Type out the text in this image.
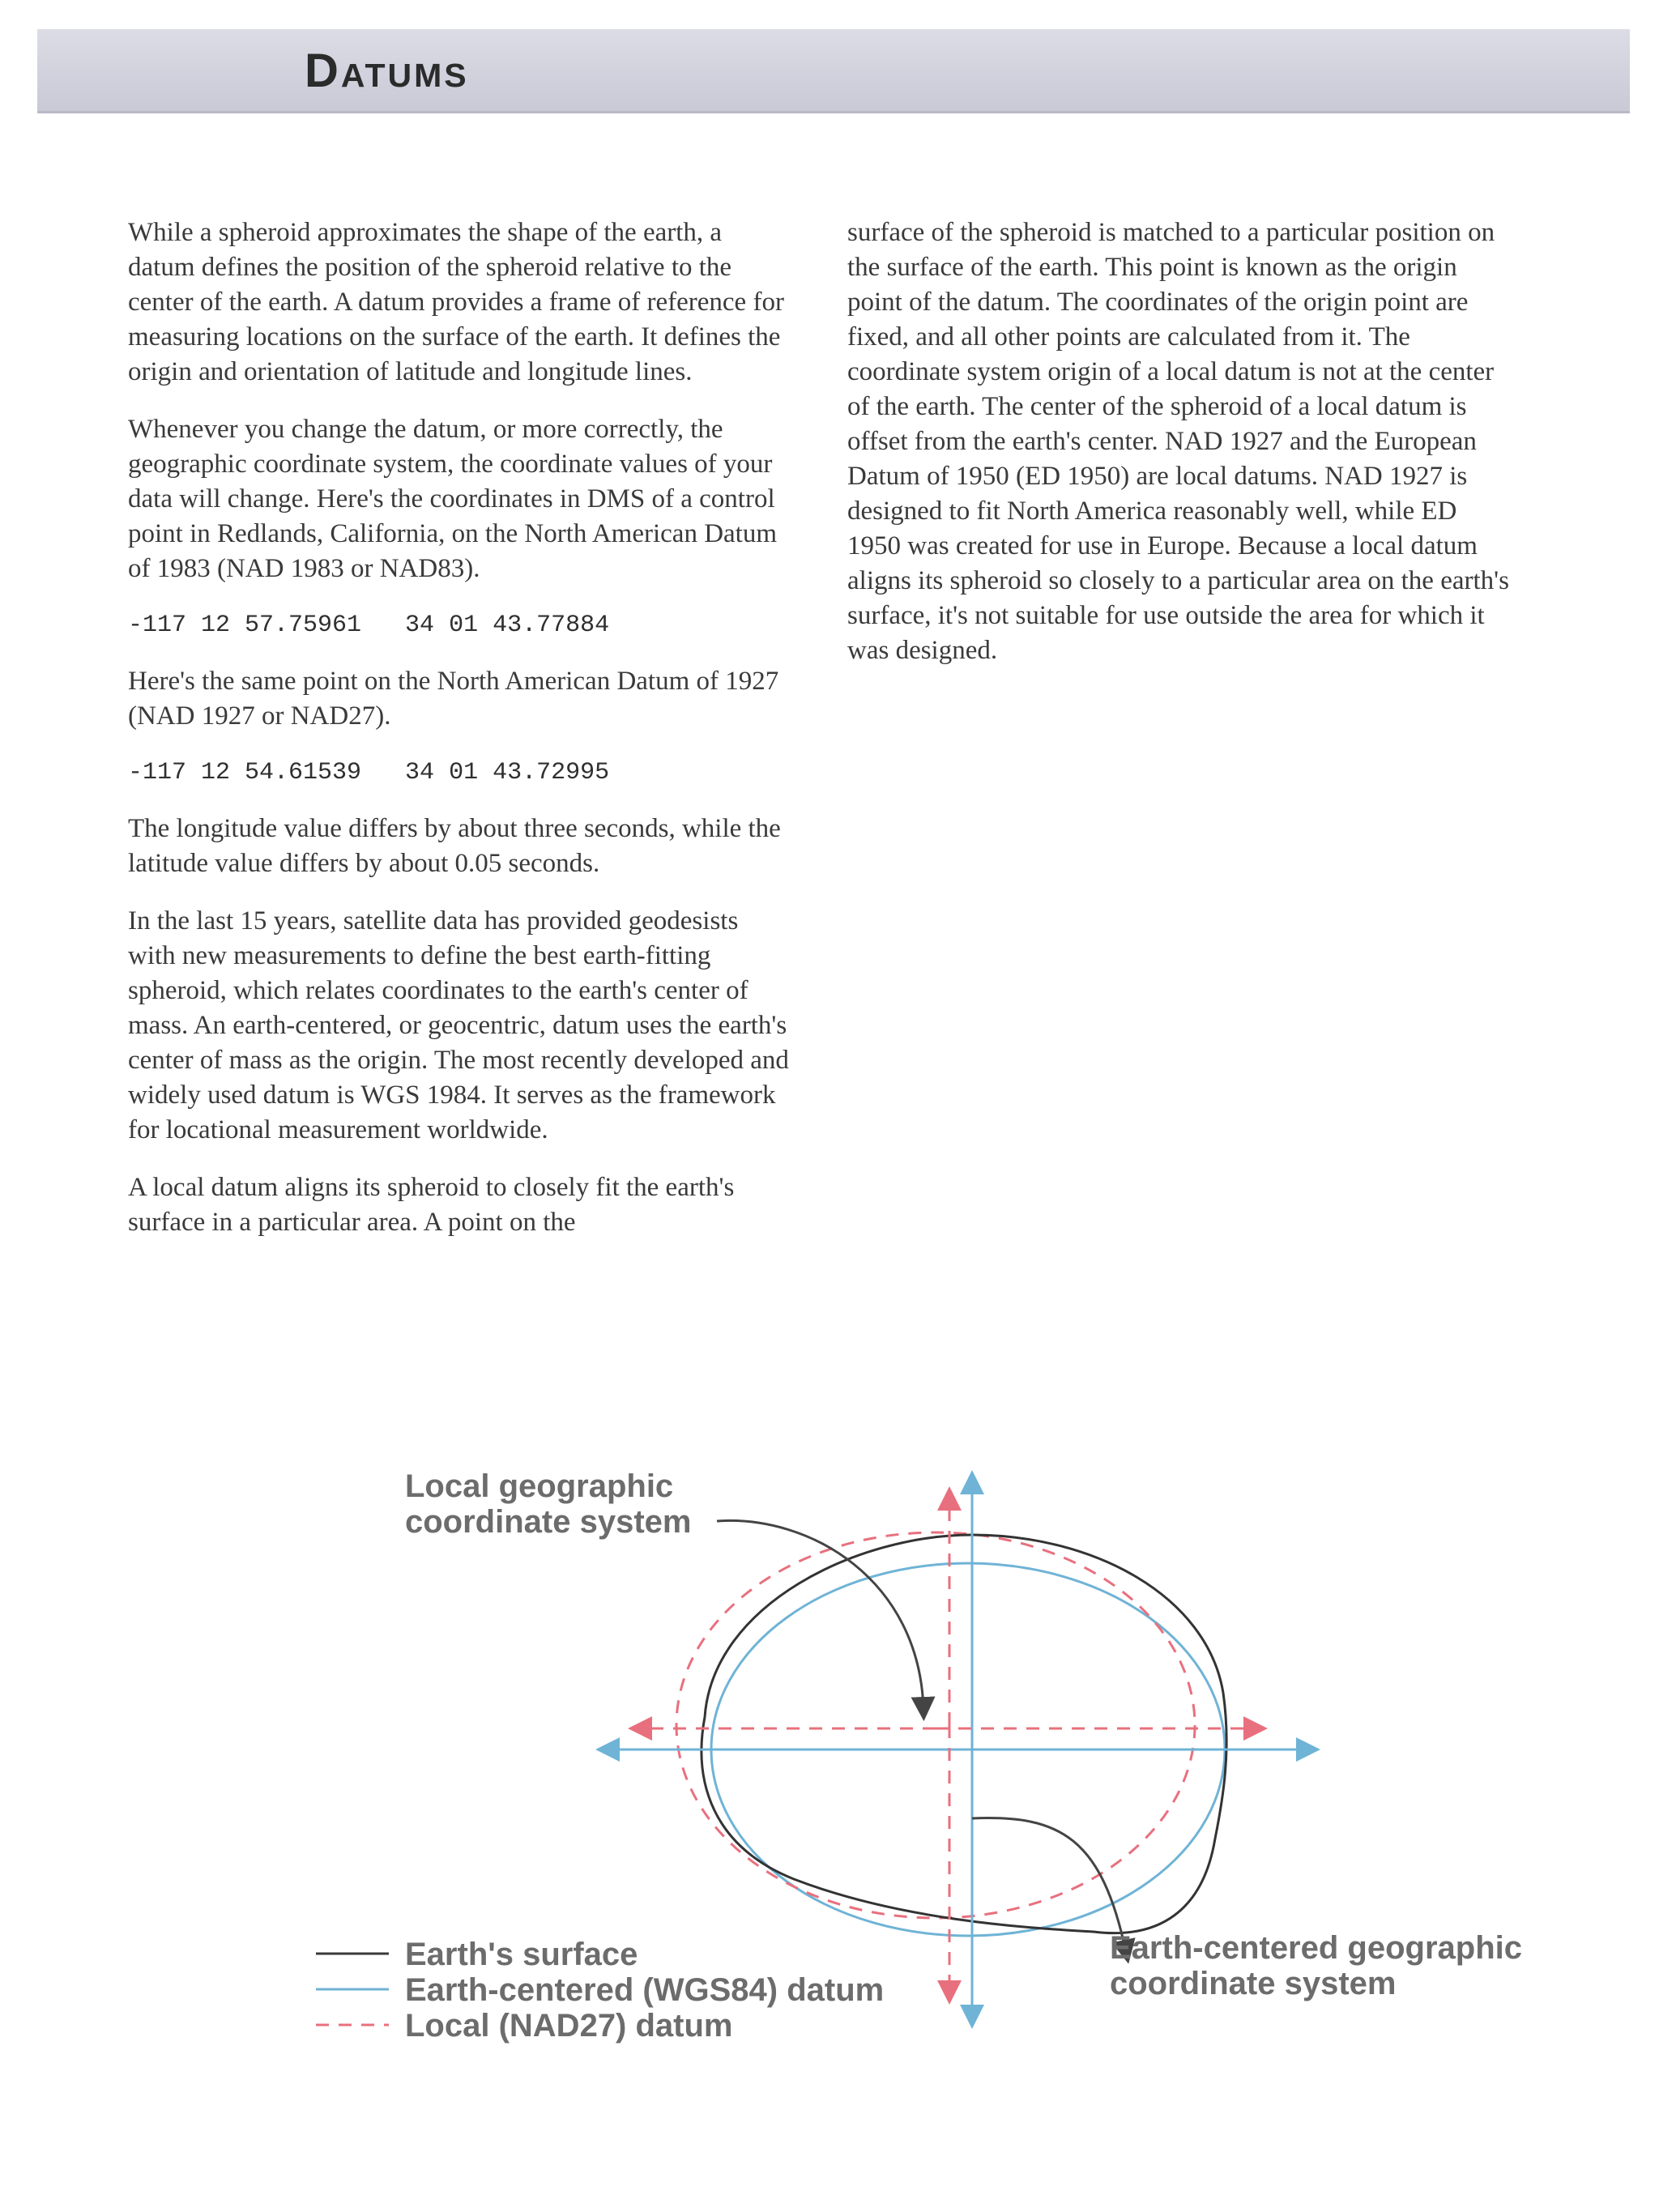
Datums

While a spheroid approximates the shape of the earth, a datum defines the position of the spheroid relative to the center of the earth. A datum provides a frame of reference for measuring locations on the surface of the earth. It defines the origin and orientation of latitude and longitude lines.

Whenever you change the datum, or more correctly, the geographic coordinate system, the coordinate values of your data will change. Here's the coordinates in DMS of a control point in Redlands, California, on the North American Datum of 1983 (NAD 1983 or NAD83).

-117 12 57.75961   34 01 43.77884

Here's the same point on the North American Datum of 1927 (NAD 1927 or NAD27).

-117 12 54.61539   34 01 43.72995

The longitude value differs by about three seconds, while the latitude value differs by about 0.05 seconds.

In the last 15 years, satellite data has provided geodesists with new measurements to define the best earth-fitting spheroid, which relates coordinates to the earth's center of mass. An earth-centered, or geocentric, datum uses the earth's center of mass as the origin. The most recently developed and widely used datum is WGS 1984. It serves as the framework for locational measurement worldwide.

A local datum aligns its spheroid to closely fit the earth's surface in a particular area. A point on the

surface of the spheroid is matched to a particular position on the surface of the earth. This point is known as the origin point of the datum. The coordinates of the origin point are fixed, and all other points are calculated from it. The coordinate system origin of a local datum is not at the center of the earth. The center of the spheroid of a local datum is offset from the earth's center. NAD 1927 and the European Datum of 1950 (ED 1950) are local datums. NAD 1927 is designed to fit North America reasonably well, while ED 1950 was created for use in Europe. Because a local datum aligns its spheroid so closely to a particular area on the earth's surface, it's not suitable for use outside the area for which it was designed.

Local geographic
coordinate system
Earth-centered geographic
coordinate system
Earth's surface
Earth-centered (WGS84) datum
Local (NAD27) datum
